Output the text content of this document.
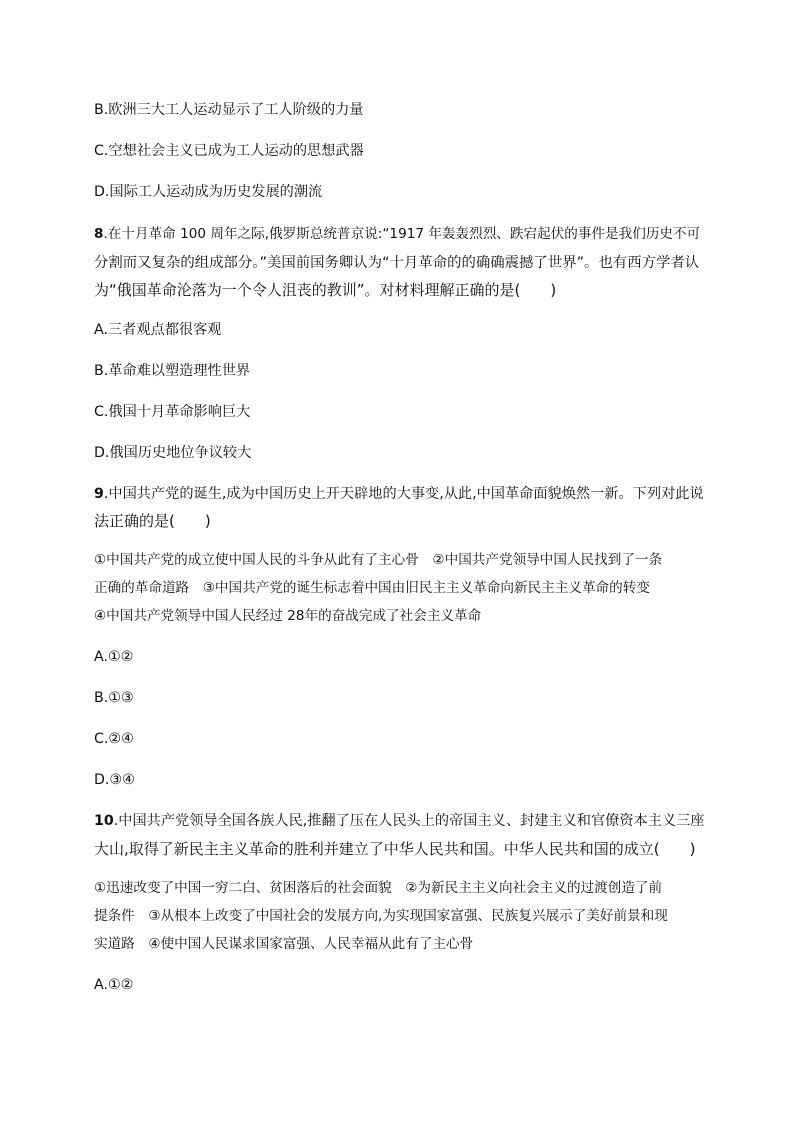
B.欧洲三大工人运动显示了工人阶级的力量
C.空想社会主义已成为工人运动的思想武器
D.国际工人运动成为历史发展的潮流
8.在十月革命 100 周年之际,俄罗斯总统普京说:“1917 年轰轰烈烈、跌宕起伏的事件是我们历史不可
分割而又复杂的组成部分。”美国前国务卿认为“十月革命的的确确震撼了世界”。也有西方学者认
为“俄国革命沦落为一个令人沮丧的教训”。对材料理解正确的是(　　)
A.三者观点都很客观
B.革命难以塑造理性世界
C.俄国十月革命影响巨大
D.俄国历史地位争议较大
9.中国共产党的诞生,成为中国历史上开天辟地的大事变,从此,中国革命面貌焕然一新。下列对此说
法正确的是(　　)
①中国共产党的成立使中国人民的斗争从此有了主心骨　②中国共产党领导中国人民找到了一条
正确的革命道路　③中国共产党的诞生标志着中国由旧民主主义革命向新民主主义革命的转变
④中国共产党领导中国人民经过 28年的奋战完成了社会主义革命
A.①②
B.①③
C.②④
D.③④
10.中国共产党领导全国各族人民,推翻了压在人民头上的帝国主义、封建主义和官僚资本主义三座
大山,取得了新民主主义革命的胜利并建立了中华人民共和国。中华人民共和国的成立(　　)
①迅速改变了中国一穷二白、贫困落后的社会面貌　②为新民主主义向社会主义的过渡创造了前
提条件　③从根本上改变了中国社会的发展方向,为实现国家富强、民族复兴展示了美好前景和现
实道路　④使中国人民谋求国家富强、人民幸福从此有了主心骨
A.①②
